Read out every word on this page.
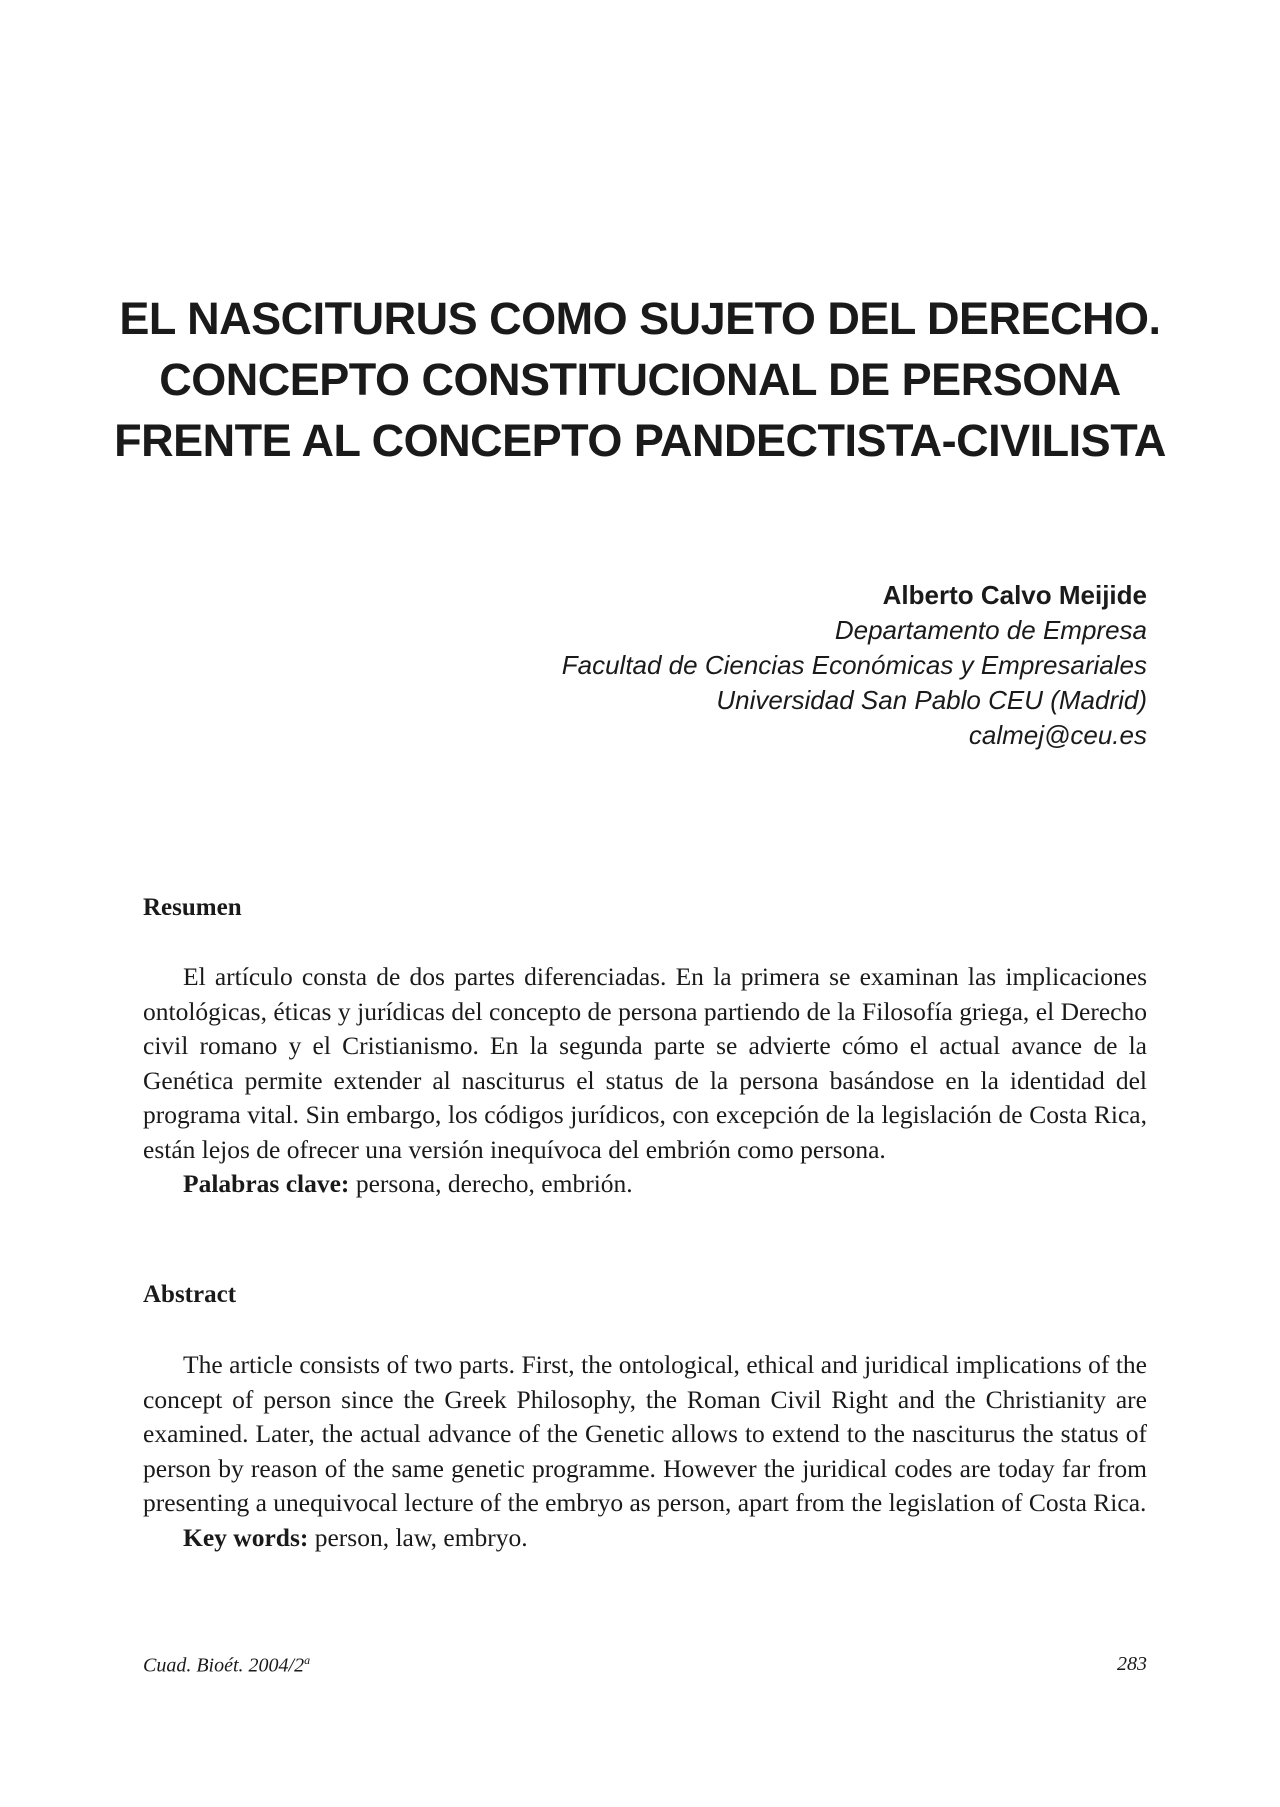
EL NASCITURUS COMO SUJETO DEL DERECHO.
CONCEPTO CONSTITUCIONAL DE PERSONA
FRENTE AL CONCEPTO PANDECTISTA-CIVILISTA
Alberto Calvo Meijide
Departamento de Empresa
Facultad de Ciencias Económicas y Empresariales
Universidad San Pablo CEU (Madrid)
calmej@ceu.es
Resumen

El artículo consta de dos partes diferenciadas. En la primera se examinan las implicaciones ontológicas, éticas y jurídicas del concepto de persona partiendo de la Filosofía griega, el Derecho civil romano y el Cristianismo. En la segunda parte se advierte cómo el actual avance de la Genética permite extender al nasciturus el status de la persona basándose en la identidad del programa vital. Sin embargo, los códigos jurídicos, con excepción de la legislación de Costa Rica, están lejos de ofrecer una versión inequívoca del embrión como persona.

Palabras clave: persona, derecho, embrión.

Abstract

The article consists of two parts. First, the ontological, ethical and juridical implications of the concept of person since the Greek Philosophy, the Roman Civil Right and the Christianity are examined. Later, the actual advance of the Genetic allows to extend to the nasciturus the status of person by reason of the same genetic programme. However the juridical codes are today far from presenting a unequivocal lecture of the embryo as person, apart from the legislation of Costa Rica.

Key words: person, law, embryo.

Cuad. Bioét. 2004/2$^a$	283
